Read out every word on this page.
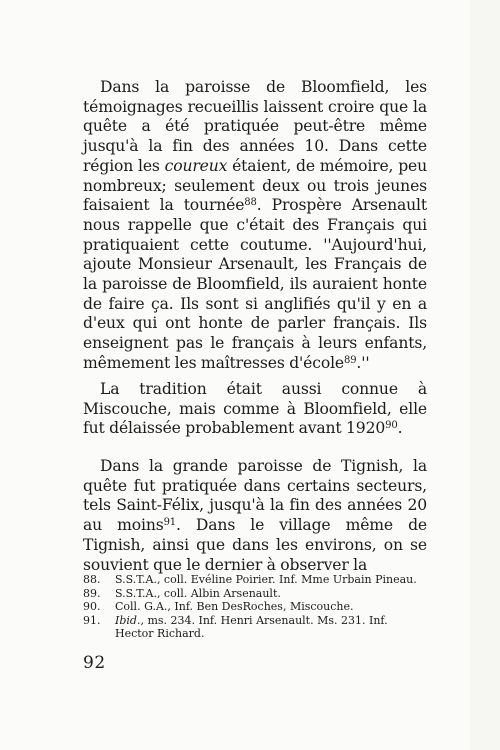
Dans la paroisse de Bloomfield, les témoignages recueillis laissent croire que la quête a été pratiquée peut-être même jusqu'à la fin des années 10. Dans cette région les coureux étaient, de mémoire, peu nombreux; seulement deux ou trois jeunes faisaient la tournée$^{88}$. Prospère Arsenault nous rappelle que c'était des Français qui pratiquaient cette coutume. ''Aujourd'hui, ajoute Monsieur Arsenault, les Français de la paroisse de Bloomfield, ils auraient honte de faire ça. Ils sont si anglifiés qu'il y en a d'eux qui ont honte de parler français. Ils enseignent pas le français à leurs enfants, mêmement les maîtresses d'école$^{89}$.''

La tradition était aussi connue à Miscouche, mais comme à Bloomfield, elle fut délaissée probablement avant 1920$^{90}$.

Dans la grande paroisse de Tignish, la quête fut pratiquée dans certains secteurs, tels Saint-Félix, jusqu'à la fin des années 20 au moins$^{91}$. Dans le village même de Tignish, ainsi que dans les environs, on se souvient que le dernier à observer la

88.	S.S.T.A., coll. Evéline Poirier. Inf. Mme Urbain Pineau.
89.	S.S.T.A., coll. Albin Arsenault.
90.	Coll. G.A., Inf. Ben DesRoches, Miscouche.
91.	Ibid., ms. 234. Inf. Henri Arsenault. Ms. 231. Inf. Hector Richard.
92
